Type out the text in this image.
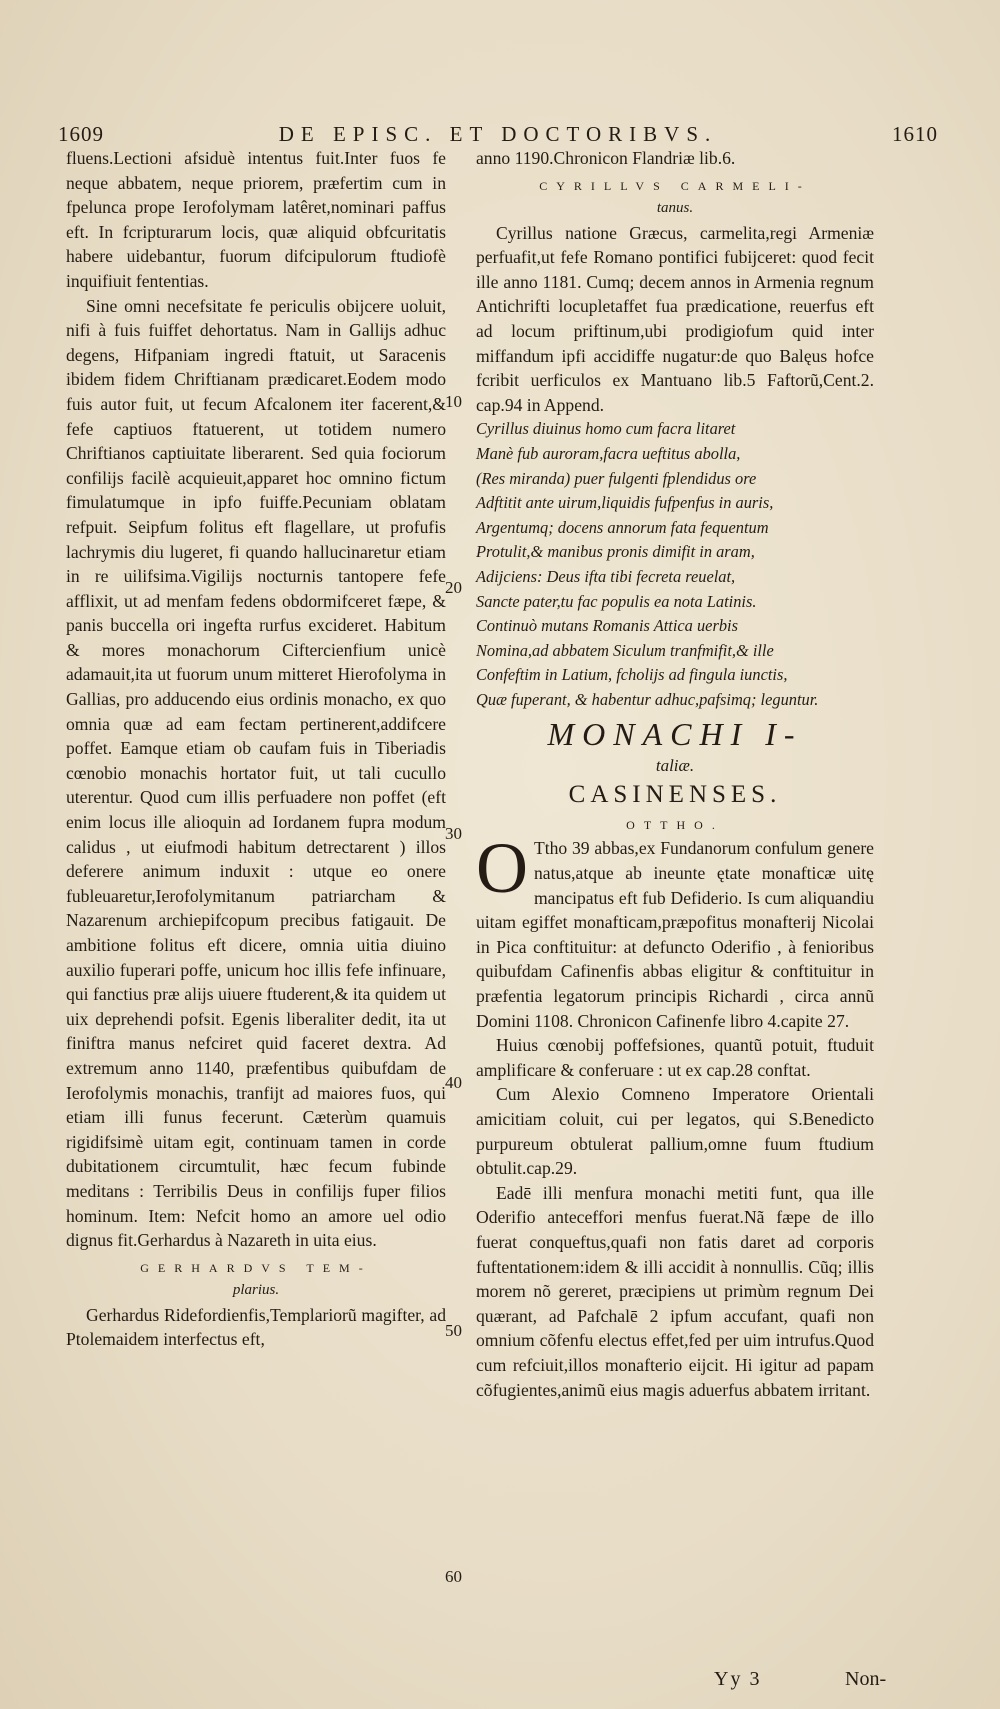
1609	DE EPISC. ET DOCTORIBVS.	1610

fluens.Lectioni afsiduè intentus fuit.Inter fuos fe neque abbatem, neque priorem, præfertim cum in fpelunca prope Ierofolymam latêret,nominari paffus eft. In fcripturarum locis, quæ aliquid obfcuritatis habere uidebantur, fuorum difcipulorum ftudiofè inquifiuit fententias.

Sine omni necefsitate fe periculis obijcere uoluit, nifi à fuis fuiffet dehortatus. Nam in Gallijs adhuc degens, Hifpaniam ingredi ftatuit, ut Saracenis ibidem fidem Chriftianam prædicaret.Eodem modo fuis autor fuit, ut fecum Afcalonem iter facerent,& fefe captiuos ftatuerent, ut totidem numero Chriftianos captiuitate liberarent. Sed quia fociorum confilijs facilè acquieuit,apparet hoc omnino fictum fimulatumque in ipfo fuiffe.Pecuniam oblatam refpuit. Seipfum folitus eft flagellare, ut profufis lachrymis diu lugeret, fi quando hallucinaretur etiam in re uilifsima.Vigilijs nocturnis tantopere fefe afflixit, ut ad menfam fedens obdormifceret fæpe, & panis buccella ori ingefta rurfus excideret. Habitum & mores monachorum Ciftercienfium unicè adamauit,ita ut fuorum unum mitteret Hierofolyma in Gallias, pro adducendo eius ordinis monacho, ex quo omnia quæ ad eam fectam pertinerent,addifcere poffet. Eamque etiam ob caufam fuis in Tiberiadis cœnobio monachis hortator fuit, ut tali cucullo uterentur. Quod cum illis perfuadere non poffet (eft enim locus ille alioquin ad Iordanem fupra modum calidus , ut eiufmodi habitum detrectarent ) illos deferere animum induxit : utque eo onere fubleuaretur,Ierofolymitanum patriarcham & Nazarenum archiepifcopum precibus fatigauit. De ambitione folitus eft dicere, omnia uitia diuino auxilio fuperari poffe, unicum hoc illis fefe infinuare, qui fanctius præ alijs uiuere ftuderent,& ita quidem ut uix deprehendi pofsit. Egenis liberaliter dedit, ita ut finiftra manus nefciret quid faceret dextra. Ad extremum anno 1140, præfentibus quibufdam de Ierofolymis monachis, tranfijt ad maiores fuos, qui etiam illi funus fecerunt. Cæterùm quamuis rigidifsimè uitam egit, continuam tamen in corde dubitationem circumtulit, hæc fecum fubinde meditans : Terribilis Deus in confilijs fuper filios hominum. Item: Nefcit homo an amore uel odio dignus fit.Gerhardus à Nazareth in uita eius.

GERHARDVS TEM-

plarius.

Gerhardus Ridefordienfis,Templariorũ magifter, ad Ptolemaidem interfectus eft,

anno 1190.Chronicon Flandriæ lib.6.

CYRILLVS CARMELI-

tanus.

Cyrillus natione Græcus, carmelita,regi Armeniæ perfuafit,ut fefe Romano pontifici fubijceret: quod fecit ille anno 1181. Cumq; decem annos in Armenia regnum Antichrifti locupletaffet fua prædicatione, reuerfus eft ad locum priftinum,ubi prodigiofum quid inter miffandum ipfi accidiffe nugatur:de quo Balęus hofce fcribit uerficulos ex Mantuano lib.5 Faftorũ,Cent.2. cap.94 in Append.

Cyrillus diuinus homo cum facra litaret

Manè fub auroram,facra ueftitus abolla,

(Res miranda) puer fulgenti fplendidus ore

Adftitit ante uirum,liquidis fufpenfus in auris,

Argentumq; docens annorum fata fequentum

Protulit,& manibus pronis dimifit in aram,

Adijciens: Deus ifta tibi fecreta reuelat,

Sancte pater,tu fac populis ea nota Latinis.

Continuò mutans Romanis Attica uerbis

Nomina,ad abbatem Siculum tranfmifit,& ille

Confeftim in Latium, fcholijs ad fingula iunctis,

Quæ fuperant, & habentur adhuc,pafsimq; leguntur.

MONACHI I-

taliæ.

CASINENSES.

OTTHO.

O Ttho 39 abbas,ex Fundanorum confulum genere natus,atque ab ineunte ętate monafticæ uitę mancipatus eft fub Defiderio. Is cum aliquandiu uitam egiffet monafticam,præpofitus monafterij Nicolai in Pica conftituitur: at defuncto Oderifio , à fenioribus quibufdam Cafinenfis abbas eligitur & conftituitur in præfentia legatorum principis Richardi , circa annũ Domini 1108. Chronicon Cafinenfe libro 4.capite 27.

Huius cœnobij poffefsiones, quantũ potuit, ftuduit amplificare & conferuare : ut ex cap.28 conftat.

Cum Alexio Comneno Imperatore Orientali amicitiam coluit, cui per legatos, qui S.Benedicto purpureum obtulerat pallium,omne fuum ftudium obtulit.cap.29.

Eadē illi menfura monachi metiti funt, qua ille Oderifio anteceffori menfus fuerat.Nã fæpe de illo fuerat conqueftus,quafi non fatis daret ad corporis fuftentationem:idem & illi accidit à nonnullis. Cũq; illis morem nõ gereret, præcipiens ut primùm regnum Dei quærant, ad Pafchalē 2 ipfum accufant, quafi non omnium cõfenfu electus effet,fed per uim intrufus.Quod cum refciuit,illos monafterio eijcit. Hi igitur ad papam cõfugientes,animũ eius magis aduerfus abbatem irritant.

10
20
30
40
50
60
Yy 3	Non-
